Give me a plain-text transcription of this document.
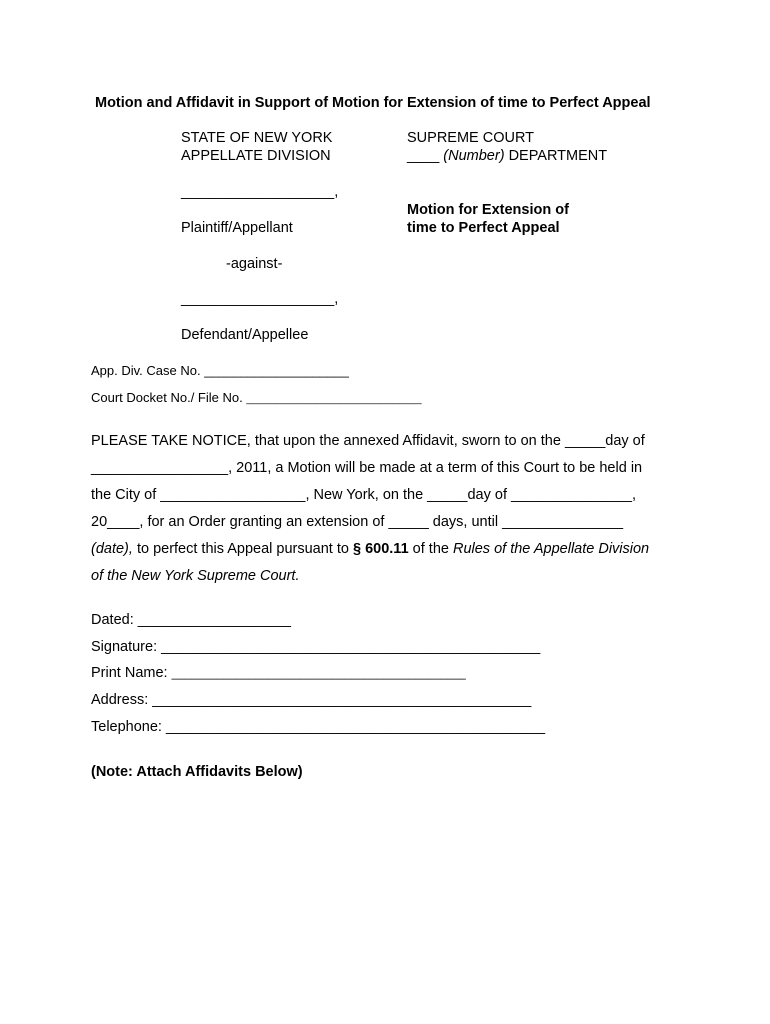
Motion and Affidavit in Support of Motion for Extension of time to Perfect Appeal
STATE OF NEW YORK
APPELLATE DIVISION
SUPREME COURT
____ (Number) DEPARTMENT
___________________,
Plaintiff/Appellant
Motion for Extension of
time to Perfect Appeal
-against-
___________________,
Defendant/Appellee
App. Div. Case No. ____________________
Court Docket No./ File No. ______________________________
PLEASE TAKE NOTICE, that upon the annexed Affidavit, sworn to on the _____day of
_________________, 2011, a Motion will be made at a term of this Court to be held in
the City of __________________, New York, on the _____day of _______________,
20____, for an Order granting an extension of _____ days, until _______________
(date), to perfect this Appeal pursuant to § 600.11 of the Rules of the Appellate Division
of the New York Supreme Court.
Dated: ___________________
Signature: _______________________________________________
Print Name: ______________________________________________
Address: _______________________________________________
Telephone: _______________________________________________
(Note: Attach Affidavits Below)
